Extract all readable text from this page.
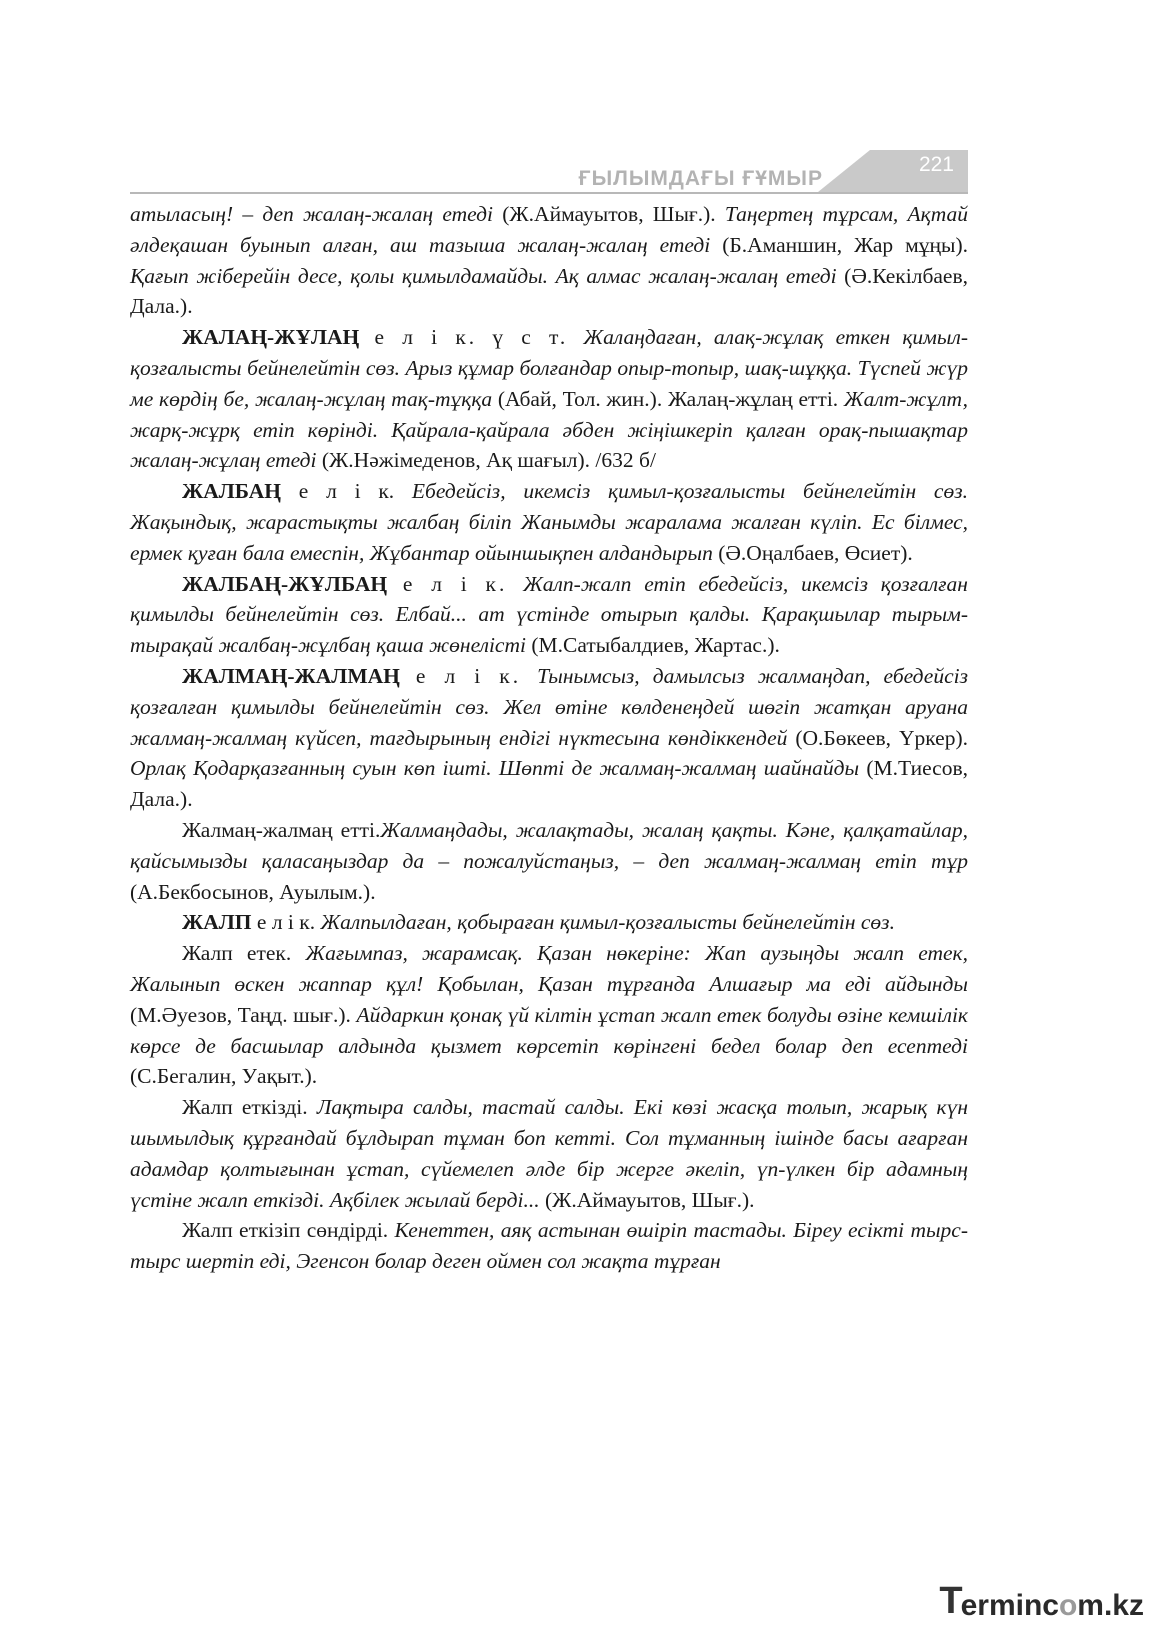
ҒЫЛЫМДАҒЫ ҒҰМЫР
221

атыласың! – деп жалаң-жалаң етеді (Ж.Аймауытов, Шығ.). Таңертең тұрсам, Ақтай әлдеқашан буынып алған, аш тазыша жалаң-жалаң етеді (Б.Аманшин, Жар мұңы). Қағып жіберейін десе, қолы қимылдамайды. Ақ алмас жалаң-жалаң етеді (Ә.Кекілбаев, Дала.).

ЖАЛАҢ-ЖҰЛАҢ е л і к. ү с т. Жалаңдаған, алақ-жұлақ еткен қимыл-қозғалысты бейнелейтін сөз. Арыз құмар болғандар опыр-топыр, шақ-шұққа. Түспей жүр ме көрдің бе, жалаң-жұлаң тақ-тұққа (Абай, Тол. жин.). Жалаң-жұлаң етті. Жалт-жұлт, жарқ-жұрқ етіп көрінді. Қайрала-қайрала әбден жіңішкеріп қалған орақ-пышақтар жалаң-жұлаң етеді (Ж.Нәжімеденов, Ақ шағыл). /632 б/

ЖАЛБАҢ е л і к. Ебедейсіз, икемсіз қимыл-қозғалысты бейнелейтін сөз. Жақындық, жарастықты жалбаң біліп Жанымды жаралама жалған күліп. Ес білмес, ермек қуған бала емеспін, Жұбантар ойыншықпен алдандырып (Ә.Оңалбаев, Өсиет).

ЖАЛБАҢ-ЖҰЛБАҢ е л і к. Жалп-жалп етіп ебедейсіз, икемсіз қозғалған қимылды бейнелейтін сөз. Елбай... ат үстінде отырып қалды. Қарақшылар тырым-тырақай жалбаң-жұлбаң қаша жөнелісті (М.Сатыбалдиев, Жартас.).

ЖАЛМАҢ-ЖАЛМАҢ е л і к. Тынымсыз, дамылсыз жалмаңдап, ебедейсіз қозғалған қимылды бейнелейтін сөз. Жел өтіне көлденеңдей шөгіп жатқан аруана жалмаң-жалмаң күйсеп, тағдырының ендігі нүктесына көндіккендей (О.Бөкеев, Үркер). Орлақ Қодарқазғанның суын көп ішті. Шөпті де жалмаң-жалмаң шайнайды (М.Тиесов, Дала.).

Жалмаң-жалмаң етті.Жалмаңдады, жалақтады, жалаң қақты. Кәне, қалқатайлар, қайсымызды қаласаңыздар да – пожалуйстаңыз, – деп жалмаң-жалмаң етіп тұр (А.Бекбосынов, Ауылым.).

ЖАЛП е л і к. Жалпылдаған, қобыраған қимыл-қозғалысты бейнелейтін сөз.

Жалп етек. Жағымпаз, жарамсақ. Қазан нөкеріне: Жап аузыңды жалп етек, Жалынып өскен жаппар құл! Қобылан, Қазан тұрғанда Алшағыр ма еді айдынды (М.Әуезов, Таңд. шығ.). Айдаркин қонақ үй кілтін ұстап жалп етек болуды өзіне кемшілік көрсе де басшылар алдында қызмет көрсетіп көрінгені бедел болар деп есептеді (С.Бегалин, Уақыт.).

Жалп еткізді. Лақтыра салды, тастай салды. Екі көзі жасқа толып, жарық күн шымылдық құрғандай бұлдырап тұман боп кетті. Сол тұманның ішінде басы ағарған адамдар қолтығынан ұстап, сүйемелеп әлде бір жерге әкеліп, үп-үлкен бір адамның үстіне жалп еткізді. Ақбілек жылай берді... (Ж.Аймауытов, Шығ.).

Жалп еткізіп сөндірді. Кенеттен, аяқ астынан өшіріп тастады. Біреу есікті тырс-тырс шертіп еді, Эгенсон болар деген оймен сол жақта тұрған

T
ermin c o m.kz
